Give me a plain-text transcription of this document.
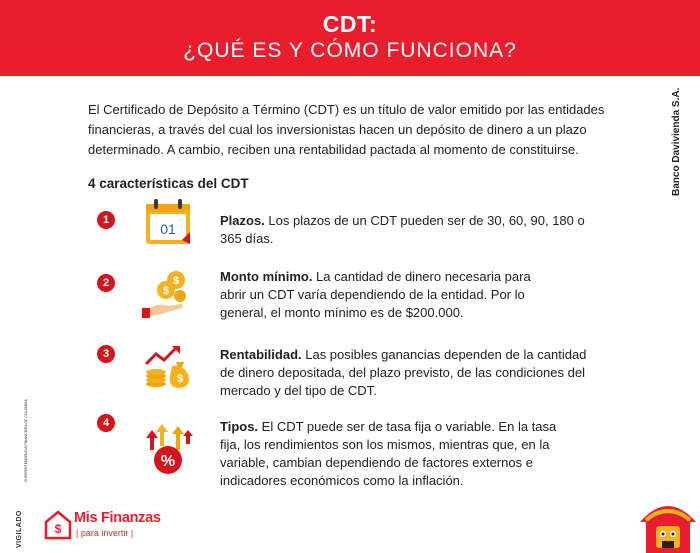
CDT:
¿QUÉ ES Y CÓMO FUNCIONA?
El Certificado de Depósito a Término (CDT) es un título de valor emitido por las entidades financieras, a través del cual los inversionistas hacen un depósito de dinero a un plazo determinado. A cambio, reciben una rentabilidad pactada al momento de constituirse.
4 características del CDT
1
01
Plazos. Los plazos de un CDT pueden ser de 30, 60, 90, 180 o 365 días.
2	$
$
Monto mínimo. La cantidad de dinero necesaria para abrir un CDT varía dependiendo de la entidad. Por lo general, el monto mínimo es de $200.000.
3
$
Rentabilidad. Las posibles ganancias dependen de la cantidad de dinero depositada, del plazo previsto, de las condiciones del mercado y del tipo de CDT.
4
%
Tipos. El CDT puede ser de tasa fija o variable. En la tasa fija, los rendimientos son los mismos, mientras que, en la variable, cambian dependiendo de factores externos e indicadores económicos como la inflación.
Banco Davivienda S.A.
VIGILADO
SUPERINTENDENCIA FINANCIERA DE COLOMBIA
$
Mis Finanzas
| para invertir |
